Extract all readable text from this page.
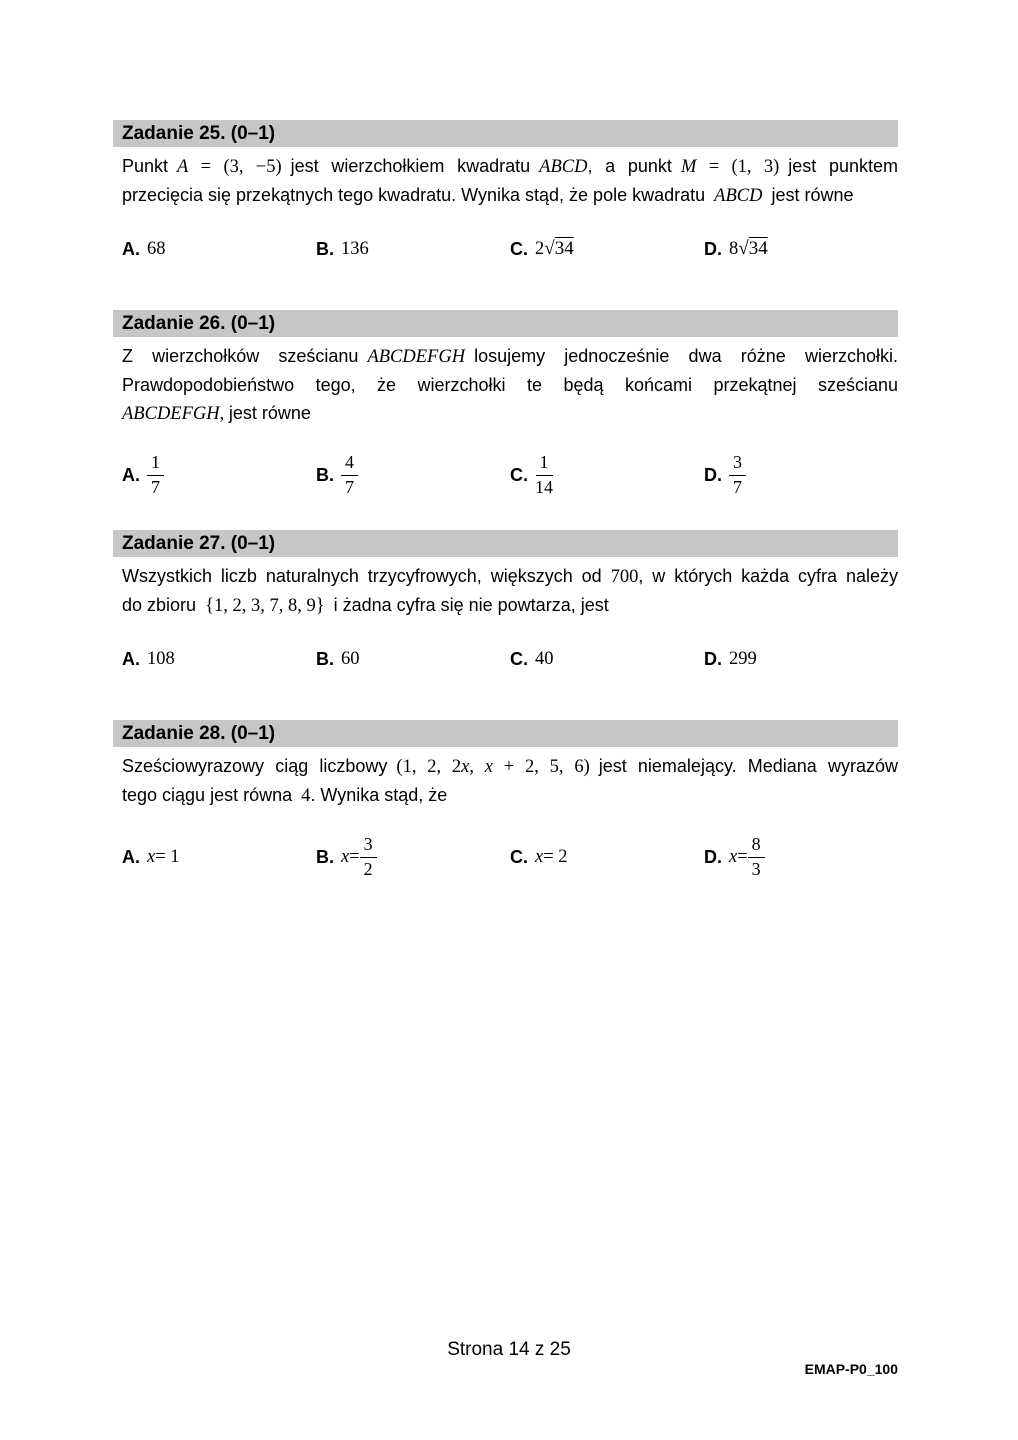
Zadanie 25. (0–1)
Punkt A = (3, −5) jest wierzchołkiem kwadratu ABCD, a punkt M = (1, 3) jest punktem
przecięcia się przekątnych tego kwadratu. Wynika stąd, że pole kwadratu ABCD jest równe
A. 68	B. 136	C. 2 √ 34	D. 8 √ 34
Zadanie 26. (0–1)
Z wierzchołków sześcianu ABCDEFGH losujemy jednocześnie dwa różne wierzchołki.
Prawdopodobieństwo tego, że wierzchołki te będą końcami przekątnej sześcianu
ABCDEFGH, jest równe
A. $\frac{1}{7}$	B. $\frac{4}{7}$	C. $\frac{1}{14}$	D. $\frac{3}{7}$
Zadanie 27. (0–1)
Wszystkich liczb naturalnych trzycyfrowych, większych od 700, w których każda cyfra należy
do zbioru {1, 2, 3, 7, 8, 9} i żadna cyfra się nie powtarza, jest
A. 108	B. 60	C. 40	D. 299
Zadanie 28. (0–1)
Sześciowyrazowy ciąg liczbowy (1, 2, 2x, x + 2, 5, 6) jest niemalejący. Mediana wyrazów
tego ciągu jest równa 4. Wynika stąd, że
A. x = 1	B. $x = \frac{3}{2}$	C. x = 2	D. $x = \frac{8}{3}$
Strona 14 z 25
EMAP-P0_100
